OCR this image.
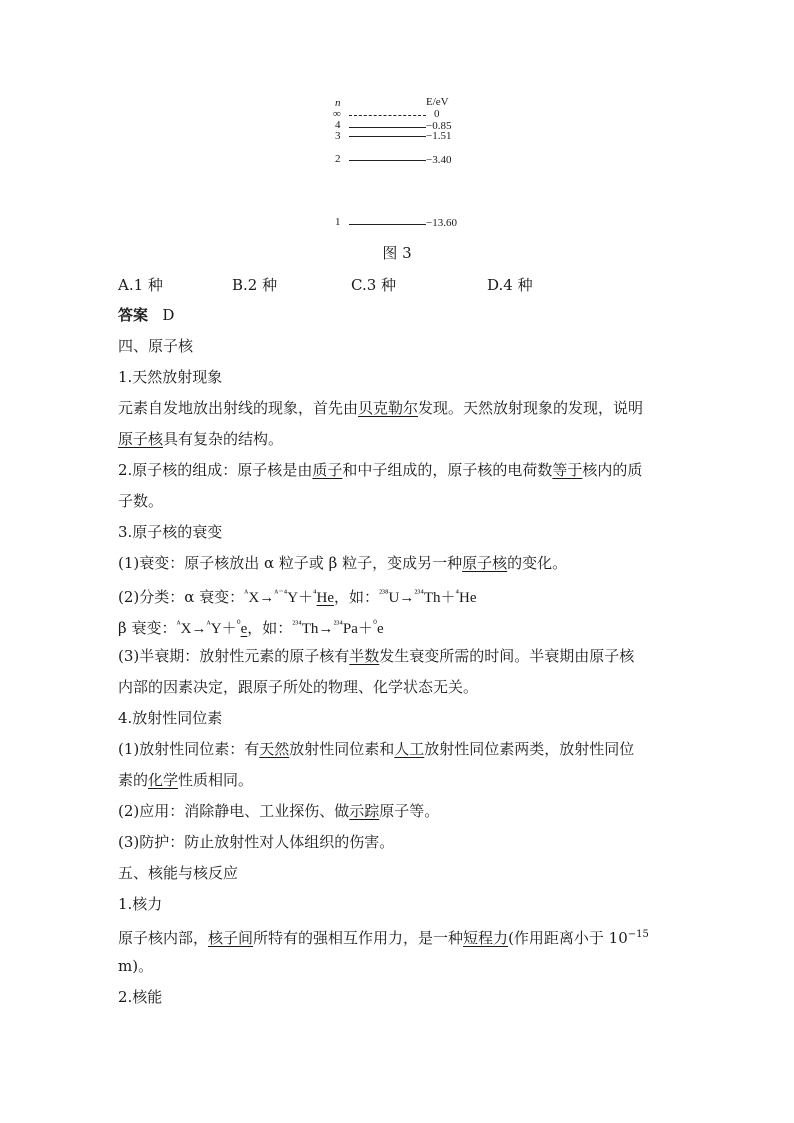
n	E/eV
∞	0
4	−0.85
3	−1.51
2	−3.40
1	−13.60
图 3
A.1 种	B.2 种	C.3 种	D.4 种
答案 D
四、原子核
1.天然放射现象
元素自发地放出射线的现象，首先由贝克勒尔发现。天然放射现象的发现，说明
原子核具有复杂的结构。
2.原子核的组成：原子核是由质子和中子组成的，原子核的电荷数等于核内的质
子数。
3.原子核的衰变
(1)衰变：原子核放出 α 粒子或 β 粒子，变成另一种原子核的变化。
(2)分类：α 衰变：$^ᴬ$X→$^{ᴬ^{-4}}$Y＋$^{^4}$He，如：$^{^{238}}$U→$^{^{234}}$Th＋$^{^4}$He
β 衰变：$^ᴬ$X→$^ᴬ$Y＋$^{^0}$e，如：$^{^{234}}$Th→$^{^{234}}$Pa＋$^{^0}$e
(3)半衰期：放射性元素的原子核有半数发生衰变所需的时间。半衰期由原子核
内部的因素决定，跟原子所处的物理、化学状态无关。
4.放射性同位素
(1)放射性同位素：有天然放射性同位素和人工放射性同位素两类，放射性同位
素的化学性质相同。
(2)应用：消除静电、工业探伤、做示踪原子等。
(3)防护：防止放射性对人体组织的伤害。
五、核能与核反应
1.核力
原子核内部，核子间所特有的强相互作用力，是一种短程力(作用距离小于 $10^{-15}$
m)。
2.核能
